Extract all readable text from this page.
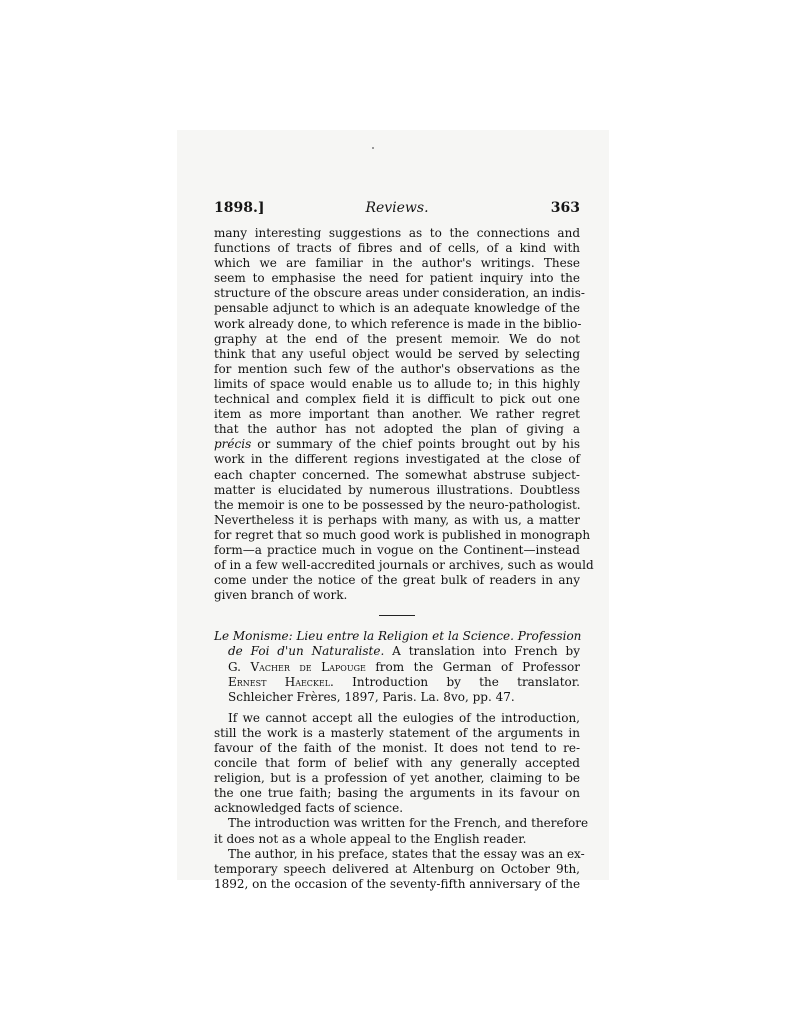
1898.]	Reviews.	363
many interesting suggestions as to the connections and
functions of tracts of fibres and of cells, of a kind with
which we are familiar in the author's writings. These
seem to emphasise the need for patient inquiry into the
structure of the obscure areas under consideration, an indis-
pensable adjunct to which is an adequate knowledge of the
work already done, to which reference is made in the biblio-
graphy at the end of the present memoir. We do not
think that any useful object would be served by selecting
for mention such few of the author's observations as the
limits of space would enable us to allude to; in this highly
technical and complex field it is difficult to pick out one
item as more important than another. We rather regret
that the author has not adopted the plan of giving a
précis or summary of the chief points brought out by his
work in the different regions investigated at the close of
each chapter concerned. The somewhat abstruse subject-
matter is elucidated by numerous illustrations. Doubtless
the memoir is one to be possessed by the neuro-pathologist.
Nevertheless it is perhaps with many, as with us, a matter
for regret that so much good work is published in monograph
form—a practice much in vogue on the Continent—instead
of in a few well-accredited journals or archives, such as would
come under the notice of the great bulk of readers in any
given branch of work.
Le Monisme: Lieu entre la Religion et la Science. Profession
de Foi d'un Naturaliste. A translation into French by
G. Vacher de Lapouge from the German of Professor
Ernest Haeckel. Introduction by the translator.
Schleicher Frères, 1897, Paris. La. 8vo, pp. 47.
If we cannot accept all the eulogies of the introduction,
still the work is a masterly statement of the arguments in
favour of the faith of the monist. It does not tend to re-
concile that form of belief with any generally accepted
religion, but is a profession of yet another, claiming to be
the one true faith; basing the arguments in its favour on
acknowledged facts of science.
The introduction was written for the French, and therefore
it does not as a whole appeal to the English reader.
The author, in his preface, states that the essay was an ex-
temporary speech delivered at Altenburg on October 9th,
1892, on the occasion of the seventy-fifth anniversary of the
